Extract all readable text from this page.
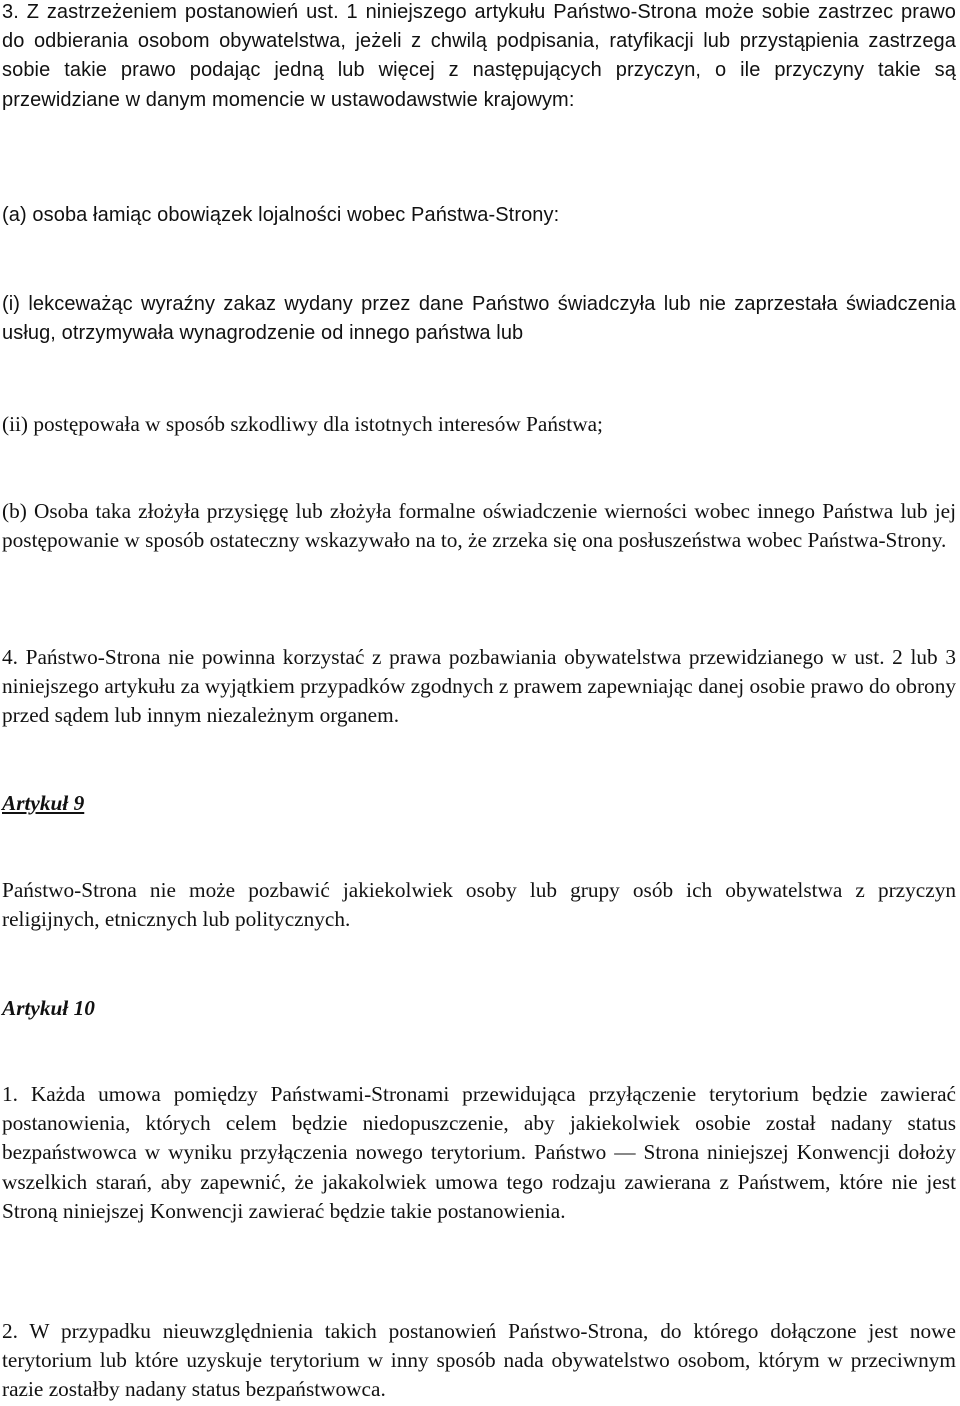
3. Z zastrzeżeniem postanowień ust. 1 niniejszego artykułu Państwo-Strona może sobie zastrzec prawo do odbierania osobom obywatelstwa, jeżeli z chwilą podpisania, ratyfikacji lub przystąpienia zastrzega sobie takie prawo podając jedną lub więcej z następujących przyczyn, o ile przyczyny takie są przewidziane w danym momencie w ustawodawstwie krajowym:

(a) osoba łamiąc obowiązek lojalności wobec Państwa-Strony:

(i) lekceważąc wyraźny zakaz wydany przez dane Państwo świadczyła lub nie zaprzestała świadczenia usług, otrzymywała wynagrodzenie od innego państwa lub

(ii) postępowała w sposób szkodliwy dla istotnych interesów Państwa;

(b) Osoba taka złożyła przysięgę lub złożyła formalne oświadczenie wierności wobec innego Państwa lub jej postępowanie w sposób ostateczny wskazywało na to, że zrzeka się ona posłuszeństwa wobec Państwa-Strony.

4. Państwo-Strona nie powinna korzystać z prawa pozbawiania obywatelstwa przewidzianego w ust. 2 lub 3 niniejszego artykułu za wyjątkiem przypadków zgodnych z prawem zapewniając danej osobie prawo do obrony przed sądem lub innym niezależnym organem.

Artykuł 9

Państwo-Strona nie może pozbawić jakiekolwiek osoby lub grupy osób ich obywatelstwa z przyczyn religijnych, etnicznych lub politycznych.

Artykuł 10

1. Każda umowa pomiędzy Państwami-Stronami przewidująca przyłączenie terytorium będzie zawierać postanowienia, których celem będzie niedopuszczenie, aby jakiekolwiek osobie został nadany status bezpaństwowca w wyniku przyłączenia nowego terytorium. Państwo — Strona niniejszej Konwencji dołoży wszelkich starań, aby zapewnić, że jakakolwiek umowa tego rodzaju zawierana z Państwem, które nie jest Stroną niniejszej Konwencji zawierać będzie takie postanowienia.

2. W przypadku nieuwzględnienia takich postanowień Państwo-Strona, do którego dołączone jest nowe terytorium lub które uzyskuje terytorium w inny sposób nada obywatelstwo osobom, którym w przeciwnym razie zostałby nadany status bezpaństwowca.
